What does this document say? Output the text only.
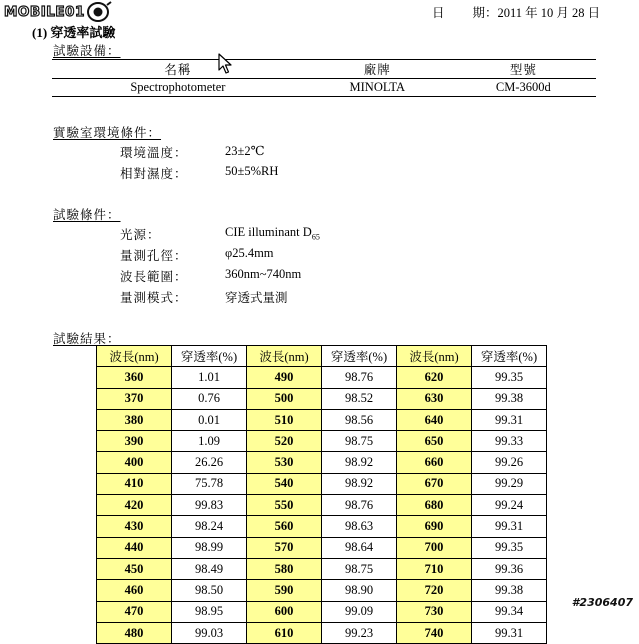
MOBILE01	日 期：2011 年 10 月 28 日
(1) 穿透率試驗
試驗設備：
名稱	廠牌	型號
Spectrophotometer	MINOLTA	CM-3600d
實驗室環境條件：
環境溫度：	23±2℃
相對濕度：	50±5%RH
試驗條件：
光源：	CIE illuminant $D_{65}$
量測孔徑：	φ25.4mm
波長範圍：	360nm~740nm
量測模式：	穿透式量測
試驗結果：
波長(nm)	穿透率(%)	波長(nm)	穿透率(%)	波長(nm)	穿透率(%)
360	1.01	490	98.76	620	99.35
370	0.76	500	98.52	630	99.38
380	0.01	510	98.56	640	99.31
390	1.09	520	98.75	650	99.33
400	26.26	530	98.92	660	99.26
410	75.78	540	98.92	670	99.29
420	99.83	550	98.76	680	99.24
430	98.24	560	98.63	690	99.31
440	98.99	570	98.64	700	99.35
450	98.49	580	98.75	710	99.36
460	98.50	590	98.90	720	99.38
470	98.95	600	99.09	730	99.34
480	99.03	610	99.23	740	99.31
#2306407
